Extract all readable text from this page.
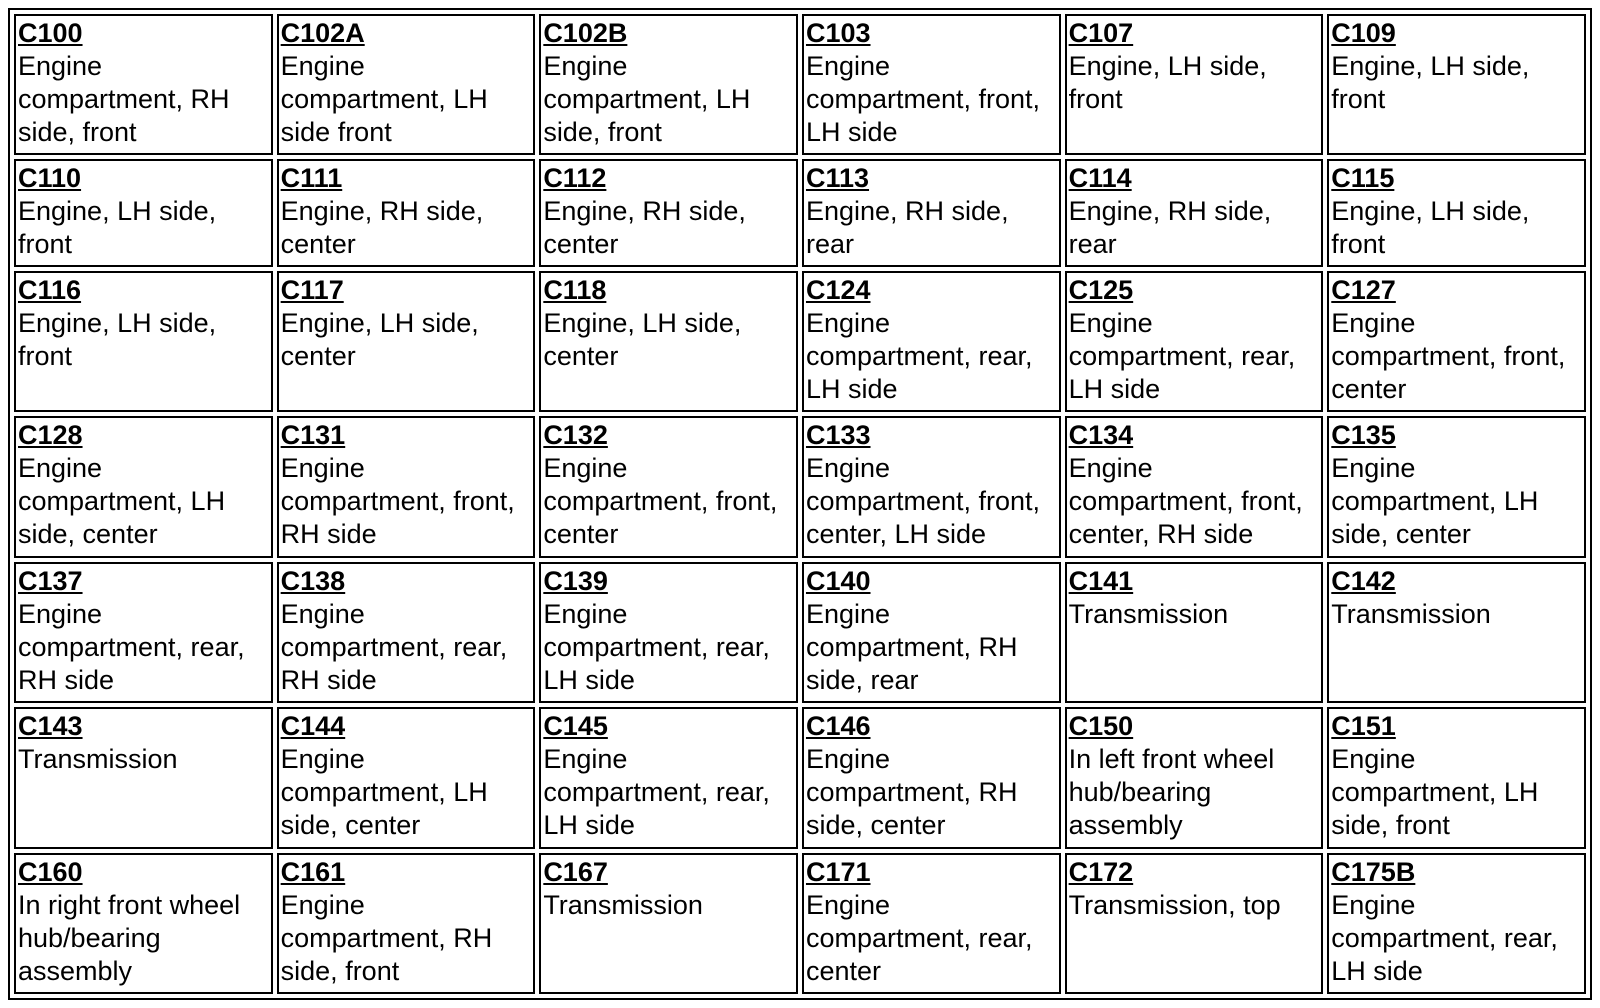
C100
Engine compartment, RH side, front	C102A
Engine compartment, LH side front	C102B
Engine compartment, LH side, front	C103
Engine compartment, front, LH side	C107
Engine, LH side, front	C109
Engine, LH side, front

C110
Engine, LH side, front	C111
Engine, RH side, center	C112
Engine, RH side, center	C113
Engine, RH side, rear	C114
Engine, RH side, rear	C115
Engine, LH side, front

C116
Engine, LH side, front	C117
Engine, LH side, center	C118
Engine, LH side, center	C124
Engine compartment, rear, LH side	C125
Engine compartment, rear, LH side	C127
Engine compartment, front, center

C128
Engine compartment, LH side, center	C131
Engine compartment, front, RH side	C132
Engine compartment, front, center	C133
Engine compartment, front, center, LH side	C134
Engine compartment, front, center, RH side	C135
Engine compartment, LH side, center

C137
Engine compartment, rear, RH side	C138
Engine compartment, rear, RH side	C139
Engine compartment, rear, LH side	C140
Engine compartment, RH side, rear	C141
Transmission	C142
Transmission

C143
Transmission	C144
Engine compartment, LH side, center	C145
Engine compartment, rear, LH side	C146
Engine compartment, RH side, center	C150
In left front wheel hub/bearing assembly	C151
Engine compartment, LH side, front

C160
In right front wheel hub/bearing assembly	C161
Engine compartment, RH side, front	C167
Transmission	C171
Engine compartment, rear, center	C172
Transmission, top	C175B
Engine compartment, rear, LH side
